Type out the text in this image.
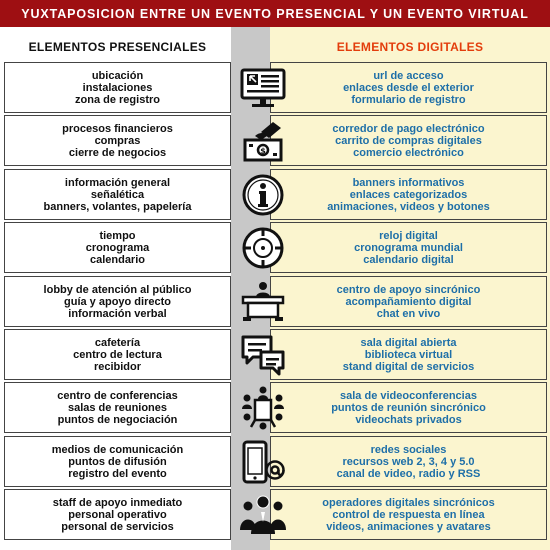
YUXTAPOSICION ENTRE UN EVENTO PRESENCIAL Y UN EVENTO VIRTUAL
ELEMENTOS PRESENCIALES	ELEMENTOS DIGITALES
ubicación
instalaciones
zona de registro
url de acceso
enlaces desde el exterior
formulario de registro
procesos financieros
compras
cierre de negocios
corredor de pago electrónico
carrito de compras digitales
comercio electrónico
$
información general
señalética
banners, volantes, papelería
banners informativos
enlaces categorizados
animaciones, videos y botones
tiempo
cronograma
calendario
reloj digital
cronograma mundial
calendario digital
lobby de atención al público
guía y apoyo directo
información verbal
centro de apoyo sincrónico
acompañamiento digital
chat en vivo
cafetería
centro de lectura
recibidor
sala digital abierta
biblioteca virtual
stand digital de servicios
centro de conferencias
salas de reuniones
puntos de negociación
sala de videoconferencias
puntos de reunión sincrónico
videochats privados
medios de comunicación
puntos de difusión
registro del evento
redes sociales
recursos web 2, 3, 4 y 5.0
canal de video, radio y RSS
staff de apoyo inmediato
personal operativo
personal de servicios
operadores digitales sincrónicos
control de respuesta en línea
videos, animaciones y avatares
